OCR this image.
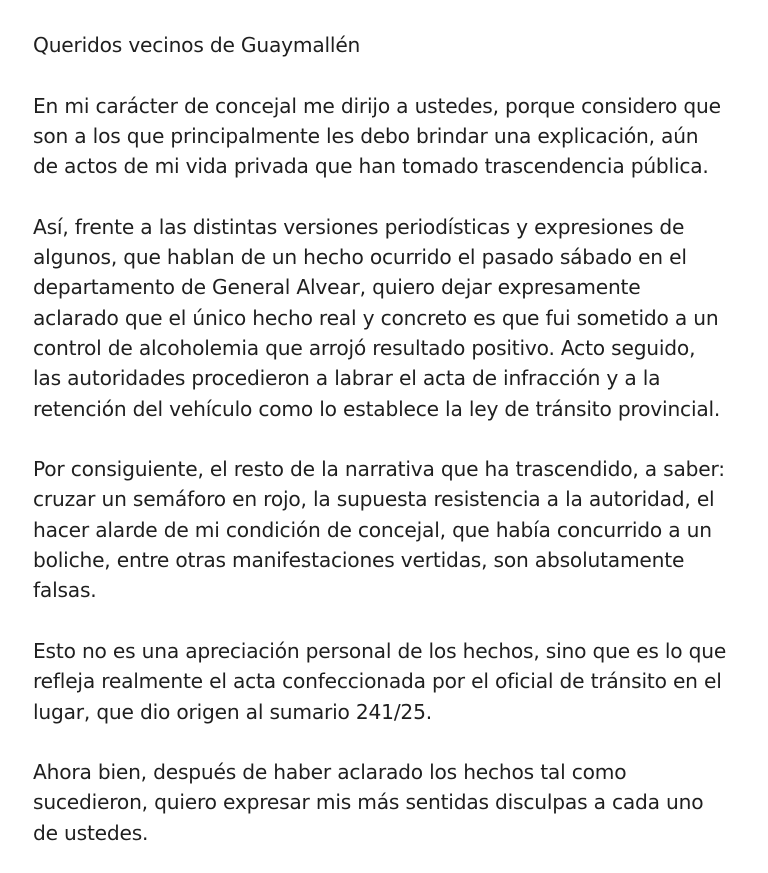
Queridos vecinos de Guaymallén

En mi carácter de concejal me dirijo a ustedes, porque considero que
son a los que principalmente les debo brindar una explicación, aún
de actos de mi vida privada que han tomado trascendencia pública.

Así, frente a las distintas versiones periodísticas y expresiones de
algunos, que hablan de un hecho ocurrido el pasado sábado en el
departamento de General Alvear, quiero dejar expresamente
aclarado que el único hecho real y concreto es que fui sometido a un
control de alcoholemia que arrojó resultado positivo. Acto seguido,
las autoridades procedieron a labrar el acta de infracción y a la
retención del vehículo como lo establece la ley de tránsito provincial.

Por consiguiente, el resto de la narrativa que ha trascendido, a saber:
cruzar un semáforo en rojo, la supuesta resistencia a la autoridad, el
hacer alarde de mi condición de concejal, que había concurrido a un
boliche, entre otras manifestaciones vertidas, son absolutamente
falsas.

Esto no es una apreciación personal de los hechos, sino que es lo que
refleja realmente el acta confeccionada por el oficial de tránsito en el
lugar, que dio origen al sumario 241/25.

Ahora bien, después de haber aclarado los hechos tal como
sucedieron, quiero expresar mis más sentidas disculpas a cada uno
de ustedes.
